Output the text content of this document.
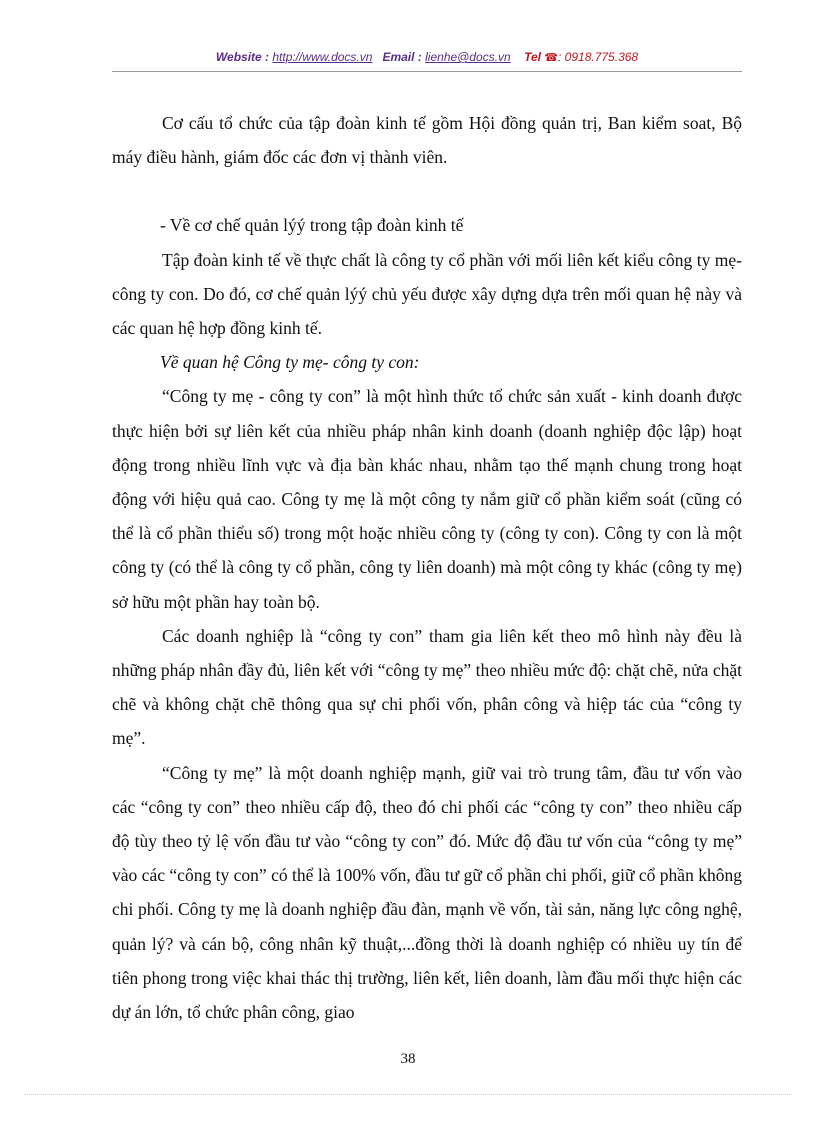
Website : http://www.docs.vn Email : lienhe@docs.vn Tel ☎: 0918.775.368

Cơ cấu tổ chức của tập đoàn kinh tế gồm Hội đồng quản trị, Ban kiểm soat, Bộ máy điều hành, giám đốc các đơn vị thành viên.

- Về cơ chế quản lýý trong tập đoàn kinh tế

Tập đoàn kinh tế về thực chất là công ty cổ phần với mối liên kết kiểu công ty mẹ-công ty con. Do đó, cơ chế quản lýý chủ yếu được xây dựng dựa trên mối quan hệ này và các quan hệ hợp đồng kinh tế.

Về quan hệ Công ty mẹ- công ty con:

“Công ty mẹ - công ty con” là một hình thức tổ chức sản xuất - kinh doanh được thực hiện bởi sự liên kết của nhiều pháp nhân kinh doanh (doanh nghiệp độc lập) hoạt động trong nhiều lĩnh vực và địa bàn khác nhau, nhằm tạo thế mạnh chung trong hoạt động với hiệu quả cao. Công ty mẹ là một công ty nắm giữ cổ phần kiểm soát (cũng có thể là cổ phần thiểu số) trong một hoặc nhiều công ty (công ty con). Công ty con là một công ty (có thể là công ty cổ phần, công ty liên doanh) mà một công ty khác (công ty mẹ) sở hữu một phần hay toàn bộ.

Các doanh nghiệp là “công ty con” tham gia liên kết theo mô hình này đều là những pháp nhân đầy đủ, liên kết với “công ty mẹ” theo nhiều mức độ: chặt chẽ, nửa chặt chẽ và không chặt chẽ thông qua sự chi phối vốn, phân công và hiệp tác của “công ty mẹ”.

“Công ty mẹ” là một doanh nghiệp mạnh, giữ vai trò trung tâm, đầu tư vốn vào các “công ty con” theo nhiều cấp độ, theo đó chi phối các “công ty con” theo nhiều cấp độ tùy theo tỷ lệ vốn đầu tư vào “công ty con” đó. Mức độ đầu tư vốn của “công ty mẹ” vào các “công ty con” có thể là 100% vốn, đầu tư gữ cổ phần chi phối, giữ cổ phần không chi phối. Công ty mẹ là doanh nghiệp đầu đàn, mạnh về vốn, tài sản, năng lực công nghệ, quản lý? và cán bộ, công nhân kỹ thuật,...đồng thời là doanh nghiệp có nhiều uy tín để tiên phong trong việc khai thác thị trường, liên kết, liên doanh, làm đầu mối thực hiện các dự án lớn, tổ chức phân công, giao

38
